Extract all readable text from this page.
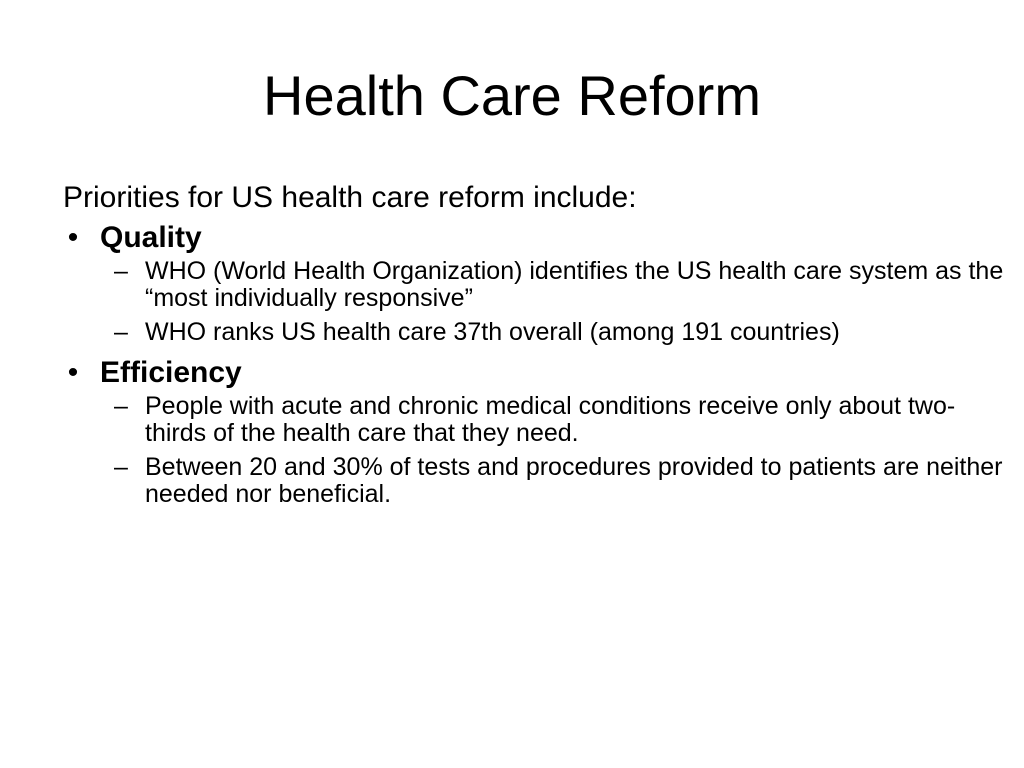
Health Care Reform

Priorities for US health care reform include:

• Quality
– WHO (World Health Organization) identifies the US health care system as the “most individually responsive”
– WHO ranks US health care 37th overall (among 191 countries)
• Efficiency
– People with acute and chronic medical conditions receive only about two-thirds of the health care that they need.
– Between 20 and 30% of tests and procedures provided to patients are neither needed nor beneficial.
